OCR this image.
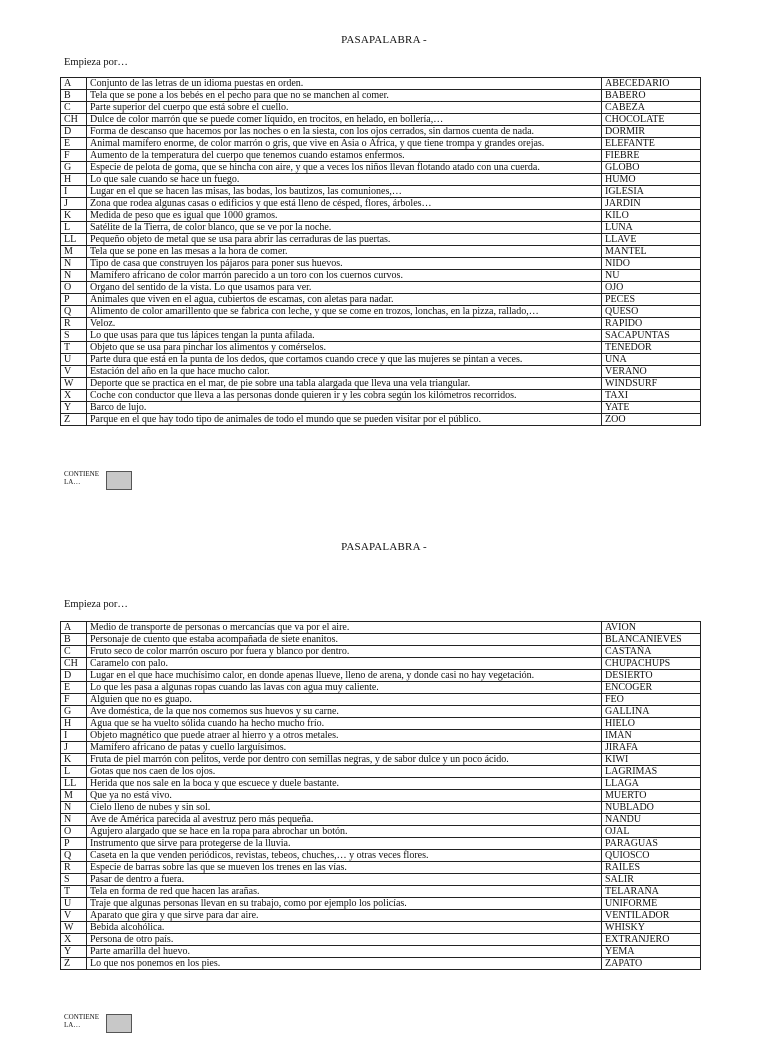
PASAPALABRA -
Empieza por…
A	Conjunto de las letras de un idioma puestas en orden.	ABECEDARIO
B	Tela que se pone a los bebés en el pecho para que no se manchen al comer.	BABERO
C	Parte superior del cuerpo que está sobre el cuello.	CABEZA
CH	Dulce de color marrón que se puede comer líquido, en trocitos, en helado, en bollería,…	CHOCOLATE
D	Forma de descanso que hacemos por las noches o en la siesta, con los ojos cerrados, sin darnos cuenta de nada.	DORMIR
E	Animal mamífero enorme, de color marrón o gris, que vive en Asia o África, y que tiene trompa y grandes orejas.	ELEFANTE
F	Aumento de la temperatura del cuerpo que tenemos cuando estamos enfermos.	FIEBRE
G	Especie de pelota de goma, que se hincha con aire, y que a veces los niños llevan flotando atado con una cuerda.	GLOBO
H	Lo que sale cuando se hace un fuego.	HUMO
I	Lugar en el que se hacen las misas, las bodas, los bautizos, las comuniones,…	IGLESIA
J	Zona que rodea algunas casas o edificios y que está lleno de césped, flores, árboles…	JARDIN
K	Medida de peso que es igual que 1000 gramos.	KILO
L	Satélite de la Tierra, de color blanco, que se ve por la noche.	LUNA
LL	Pequeño objeto de metal que se usa para abrir las cerraduras de las puertas.	LLAVE
M	Tela que se pone en las mesas a la hora de comer.	MANTEL
N	Tipo de casa que construyen los pájaros para poner sus huevos.	NIDO
N	Mamífero africano de color marrón parecido a un toro con los cuernos curvos.	NU
O	Órgano del sentido de la vista. Lo que usamos para ver.	OJO
P	Animales que viven en el agua, cubiertos de escamas, con aletas para nadar.	PECES
Q	Alimento de color amarillento que se fabrica con leche, y que se come en trozos, lonchas, en la pizza, rallado,…	QUESO
R	Veloz.	RAPIDO
S	Lo que usas para que tus lápices tengan la punta afilada.	SACAPUNTAS
T	Objeto que se usa para pinchar los alimentos y comérselos.	TENEDOR
U	Parte dura que está en la punta de los dedos, que cortamos cuando crece y que las mujeres se pintan a veces.	UNA
V	Estación del año en la que hace mucho calor.	VERANO
W	Deporte que se practica en el mar, de pie sobre una tabla alargada que lleva una vela triangular.	WINDSURF
X	Coche con conductor que lleva a las personas donde quieren ir y les cobra según los kilómetros recorridos.	TAXI
Y	Barco de lujo.	YATE
Z	Parque en el que hay todo tipo de animales de todo el mundo que se pueden visitar por el público.	ZOO
CONTIENE
LA…
PASAPALABRA -
Empieza por…
A	Medio de transporte de personas o mercancías que va por el aire.	AVIÓN
B	Personaje de cuento que estaba acompañada de siete enanitos.	BLANCANIEVES
C	Fruto seco de color marrón oscuro por fuera y blanco por dentro.	CASTAÑA
CH	Caramelo con palo.	CHUPACHUPS
D	Lugar en el que hace muchísimo calor, en donde apenas llueve, lleno de arena, y donde casi no hay vegetación.	DESIERTO
E	Lo que les pasa a algunas ropas cuando las lavas con agua muy caliente.	ENCOGER
F	Alguien que no es guapo.	FEO
G	Ave doméstica, de la que nos comemos sus huevos y su carne.	GALLINA
H	Agua que se ha vuelto sólida cuando ha hecho mucho frío.	HIELO
I	Objeto magnético que puede atraer al hierro y a otros metales.	IMÁN
J	Mamífero africano de patas y cuello larguísimos.	JIRAFA
K	Fruta de piel marrón con pelitos, verde por dentro con semillas negras, y de sabor dulce y un poco ácido.	KIWI
L	Gotas que nos caen de los ojos.	LAGRIMAS
LL	Herida que nos sale en la boca y que escuece y duele bastante.	LLAGA
M	Que ya no está vivo.	MUERTO
N	Cielo lleno de nubes y sin sol.	NUBLADO
N	Ave de América parecida al avestruz pero más pequeña.	NANDU
O	Agujero alargado que se hace en la ropa para abrochar un botón.	OJAL
P	Instrumento que sirve para protegerse de la lluvia.	PARAGUAS
Q	Caseta en la que venden periódicos, revistas, tebeos, chuches,… y otras veces flores.	QUIOSCO
R	Especie de barras sobre las que se mueven los trenes en las vías.	RAÍLES
S	Pasar de dentro a fuera.	SALIR
T	Tela en forma de red que hacen las arañas.	TELARAÑA
U	Traje que algunas personas llevan en su trabajo, como por ejemplo los policías.	UNIFORME
V	Aparato que gira y que sirve para dar aire.	VENTILADOR
W	Bebida alcohólica.	WHISKY
X	Persona de otro país.	EXTRANJERO
Y	Parte amarilla del huevo.	YEMA
Z	Lo que nos ponemos en los pies.	ZAPATO
CONTIENE
LA…
